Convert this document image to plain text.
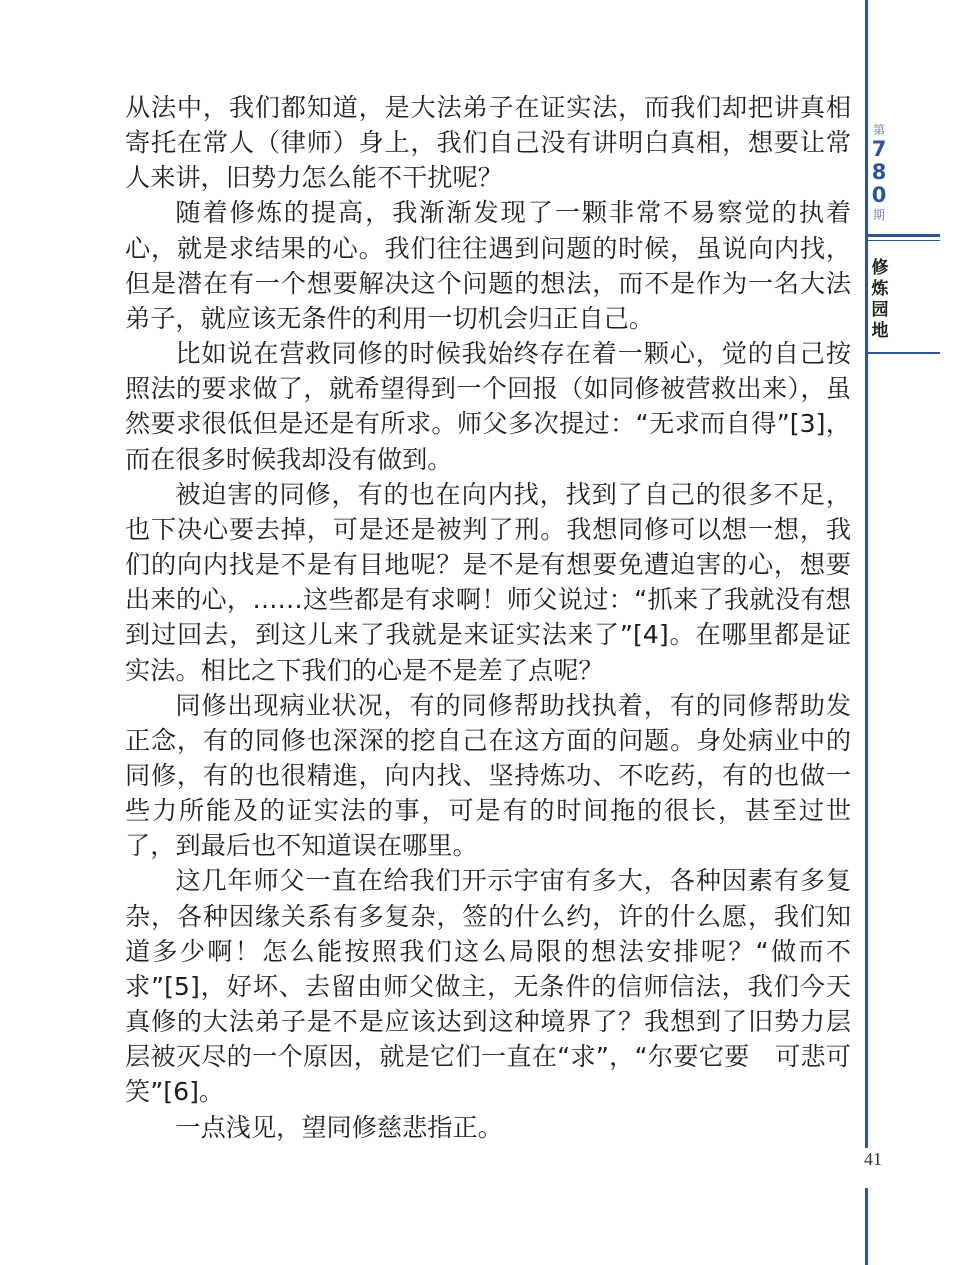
第
7
8
0
期
修
炼
园
地

从法中，我们都知道，是大法弟子在证实法，而我们却把讲真相寄托在常人（律师）身上，我们自己没有讲明白真相，想要让常人来讲，旧势力怎么能不干扰呢？

随着修炼的提高，我渐渐发现了一颗非常不易察觉的执着心，就是求结果的心。我们往往遇到问题的时候，虽说向内找，但是潜在有一个想要解决这个问题的想法，而不是作为一名大法弟子，就应该无条件的利用一切机会归正自己。

比如说在营救同修的时候我始终存在着一颗心，觉的自己按照法的要求做了，就希望得到一个回报（如同修被营救出来），虽然要求很低但是还是有所求。师父多次提过：“无求而自得”[3]，而在很多时候我却没有做到。

被迫害的同修，有的也在向内找，找到了自己的很多不足，也下决心要去掉，可是还是被判了刑。我想同修可以想一想，我们的向内找是不是有目地呢？是不是有想要免遭迫害的心，想要出来的心，……这些都是有求啊！师父说过：“抓来了我就没有想到过回去，到这儿来了我就是来证实法来了”[4]。在哪里都是证实法。相比之下我们的心是不是差了点呢？

同修出现病业状况，有的同修帮助找执着，有的同修帮助发正念，有的同修也深深的挖自己在这方面的问题。身处病业中的同修，有的也很精進，向内找、坚持炼功、不吃药，有的也做一些力所能及的证实法的事，可是有的时间拖的很长，甚至过世了，到最后也不知道误在哪里。

这几年师父一直在给我们开示宇宙有多大，各种因素有多复杂，各种因缘关系有多复杂，签的什么约，许的什么愿，我们知道多少啊！怎么能按照我们这么局限的想法安排呢？“做而不求”[5]，好坏、去留由师父做主，无条件的信师信法，我们今天真修的大法弟子是不是应该达到这种境界了？我想到了旧势力层层被灭尽的一个原因，就是它们一直在“求”，“尔要它要　可悲可笑”[6]。

一点浅见，望同修慈悲指正。

41
